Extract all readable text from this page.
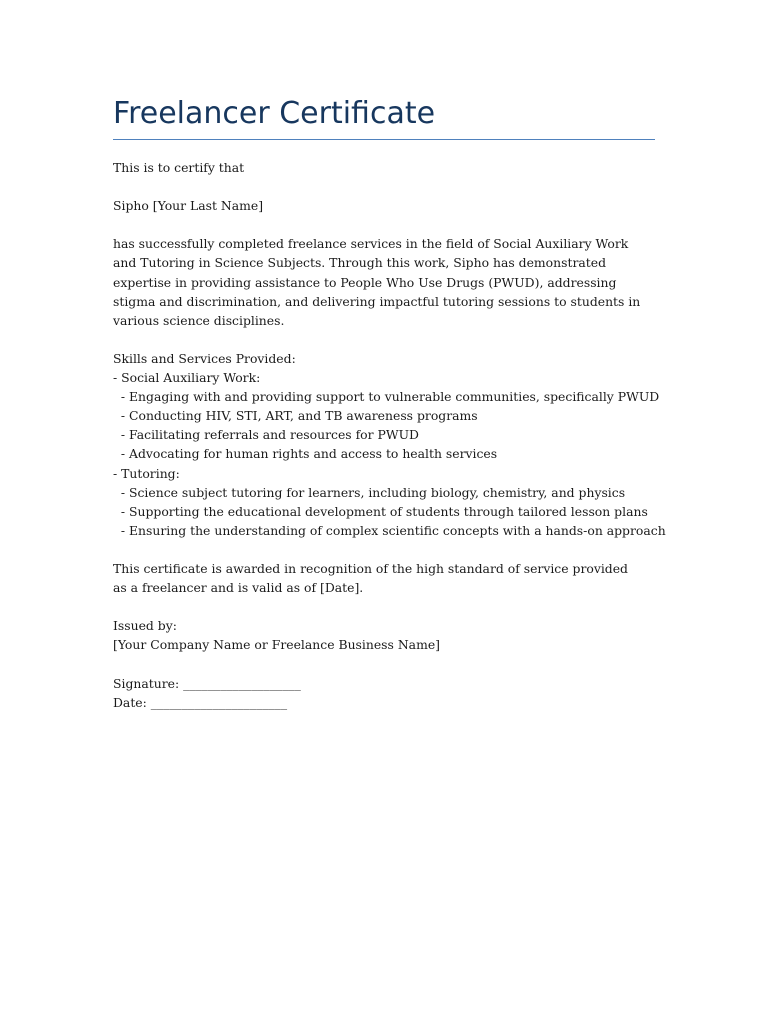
Freelancer Certificate

This is to certify that

Sipho [Your Last Name]

has successfully completed freelance services in the field of Social Auxiliary Work and Tutoring in Science Subjects. Through this work, Sipho has demonstrated expertise in providing assistance to People Who Use Drugs (PWUD), addressing stigma and discrimination, and delivering impactful tutoring sessions to students in various science disciplines.

Skills and Services Provided:
- Social Auxiliary Work:
- Engaging with and providing support to vulnerable communities, specifically PWUD
- Conducting HIV, STI, ART, and TB awareness programs
- Facilitating referrals and resources for PWUD
- Advocating for human rights and access to health services
- Tutoring:
- Science subject tutoring for learners, including biology, chemistry, and physics
- Supporting the educational development of students through tailored lesson plans
- Ensuring the understanding of complex scientific concepts with a hands-on approach

This certificate is awarded in recognition of the high standard of service provided as a freelancer and is valid as of [Date].

Issued by:
[Your Company Name or Freelance Business Name]

Signature: ___________________
Date: ______________________
